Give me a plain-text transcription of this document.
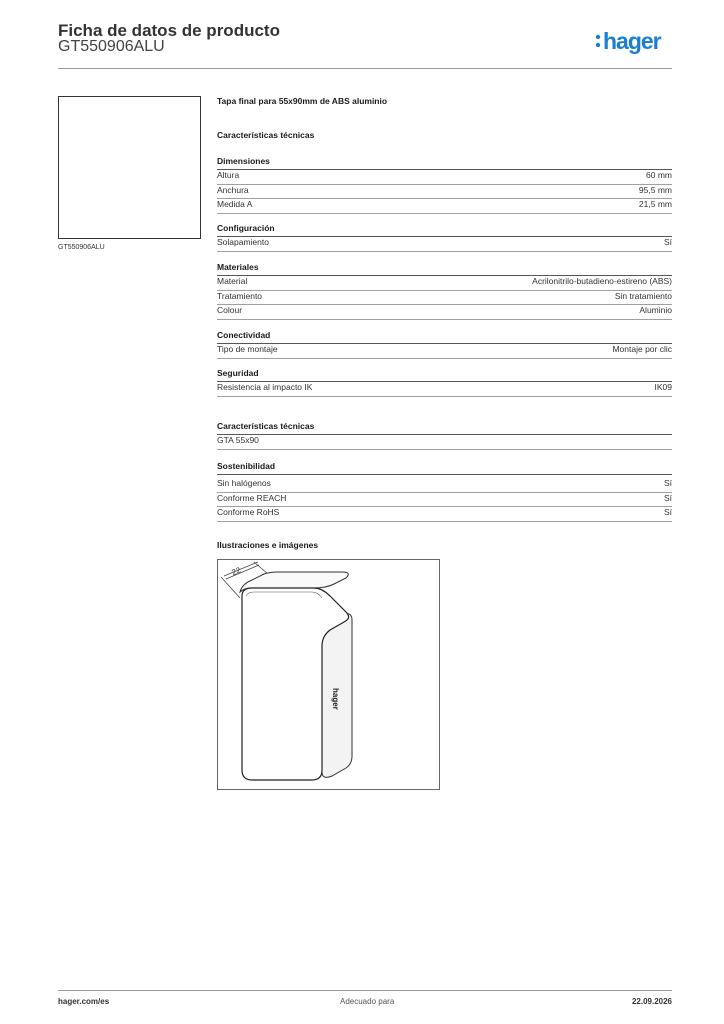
Ficha de datos de producto
GT550906ALU	hager
GT550906ALU
Tapa final para 55x90mm de ABS aluminio
Características técnicas
Dimensiones
Altura	60 mm
Anchura	95,5 mm
Medida A	21,5 mm
Configuración
Solapamiento	Sí
Materiales
Material	Acrilonitrilo-butadieno-estireno (ABS)
Tratamiento	Sin tratamiento
Colour	Aluminio
Conectividad
Tipo de montaje	Montaje por clic
Seguridad
Resistencia al impacto IK	IK09
Características técnicas
GTA 55x90
Sostenibilidad
Sin halógenos	Sí
Conforme REACH	Sí
Conforme RoHS	Sí
Ilustraciones e imágenes
22
hager
hager.com/es	Adecuado para	22.09.2026
